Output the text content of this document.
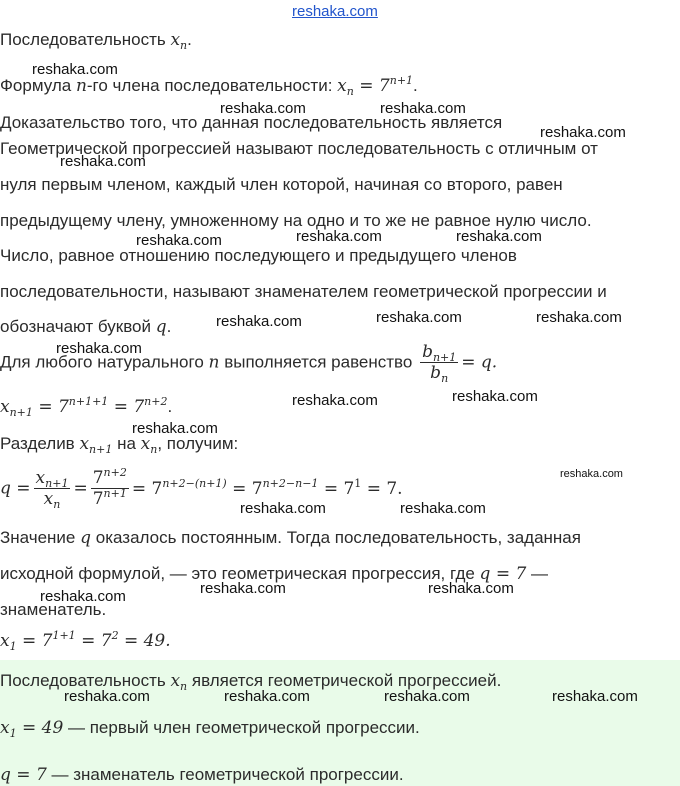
reshaka.com
Последовательность $x_n$.
Формула n-го члена последовательности: $x_n = 7^{n+1}$.
Доказательство того, что данная последовательность является
Геометрической прогрессией называют последовательность с отличным от
нуля первым членом, каждый член которой, начиная со второго, равен
предыдущему члену, умноженному на одно и то же не равное нулю число.
Число, равное отношению последующего и предыдущего членов
последовательности, называют знаменателем геометрической прогрессии и
обозначают буквой q.
Для любого натурального n выполняется равенство $\frac{b_{n+1}}{b_n} = q$.
$x_{n+1} = 7^{n+1+1} = 7^{n+2}$.
Разделив $x_{n+1}$ на $x_n$, получим:
$q = \frac{x_{n+1}}{x_n} = \frac{7^{n+2}}{7^{n+1}} = 7^{n+2-(n+1)} = 7^{n+2-n-1} = 7^1 = 7$.
Значение q оказалось постоянным. Тогда последовательность, заданная
исходной формулой, — это геометрическая прогрессия, где q = 7 —
знаменатель.
$x_1 = 7^{1+1} = 7^2 = 49$.
Последовательность $x_n$ является геометрической прогрессией.
$x_1 = 49$ — первый член геометрической прогрессии.
q = 7 — знаменатель геометрической прогрессии.
reshaka.com
reshaka.com	reshaka.com
reshaka.com
reshaka.com
reshaka.com	reshaka.com	reshaka.com
reshaka.com	reshaka.com	reshaka.com
reshaka.com
reshaka.com	reshaka.com
reshaka.com
reshaka.com
reshaka.com	reshaka.com
reshaka.com	reshaka.com
reshaka.com
reshaka.com	reshaka.com	reshaka.com	reshaka.com
